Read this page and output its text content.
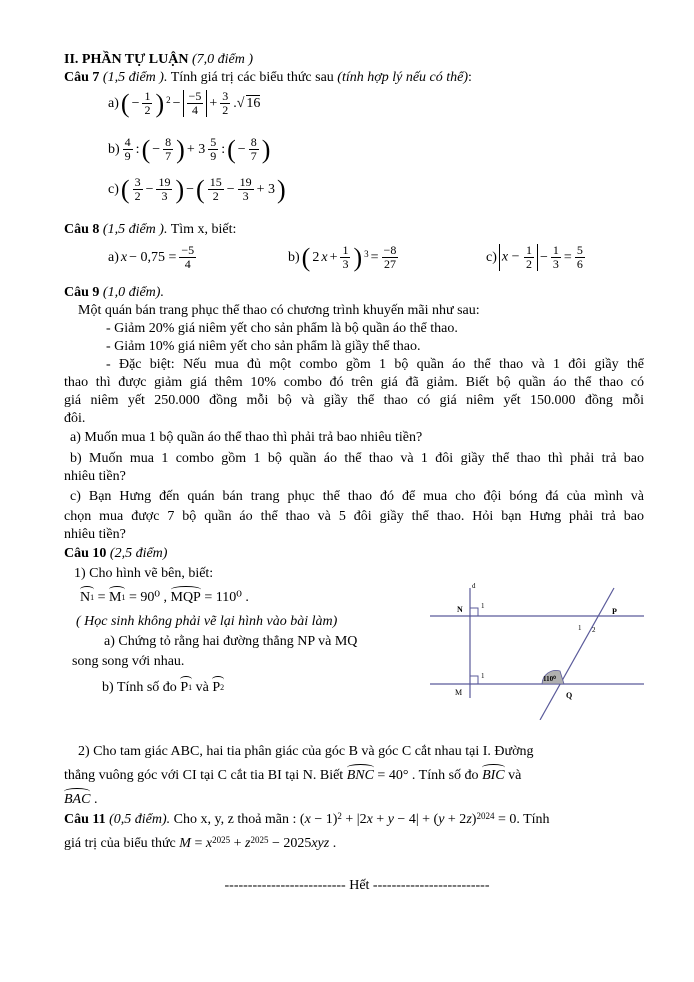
II. PHẦN TỰ LUẬN (7,0 điểm )
Câu 7 (1,5 điểm ). Tính giá trị các biểu thức sau (tính hợp lý nếu có thể):
a) ( − $\frac{1}{2}$ ) $2 - \frac{-5}{4} + \frac{3}{2}$ .√ 16
$b) \frac{4}{9}$ : ( − $\frac{8}{7}$ ) + $3 \frac{5}{9}$ : ( − $\frac{8}{7}$ )
c) ( $\frac{3}{2} - \frac{19}{3}$ ) − ( $\frac{15}{2} - \frac{19}{3} + 3$ )
Câu 8 (1,5 điểm ). Tìm x, biết:
a) $x - 0,75 = \frac{-5}{4}$	b) ( 2 $x + \frac{1}{3}$ ) $3 = \frac{-8}{27}$	c) $x - \frac{1}{2} - \frac{1}{3} = \frac{5}{6}$
Câu 9 (1,0 điểm).
Một quán bán trang phục thể thao có chương trình khuyến mãi như sau:
- Giảm 20% giá niêm yết cho sản phẩm là bộ quần áo thể thao.
- Giảm 10% giá niêm yết cho sản phẩm là giầy thể thao.
- Đặc biệt: Nếu mua đủ một combo gồm 1 bộ quần áo thể thao và 1 đôi giầy thể
thao thì được giảm giá thêm 10% combo đó trên giá đã giảm. Biết bộ quần áo thể thao có
giá niêm yết 250.000 đồng mỗi bộ và giầy thể thao có giá niêm yết 150.000 đồng mỗi
đôi.
a) Muốn mua 1 bộ quần áo thể thao thì phải trả bao nhiêu tiền?
b) Muốn mua 1 combo gồm 1 bộ quần áo thể thao và 1 đôi giầy thể thao thì phải trả bao
nhiêu tiền?
c) Bạn Hưng đến quán bán trang phục thể thao đó để mua cho đội bóng đá của mình và
chọn mua được 7 bộ quần áo thể thao và 5 đôi giầy thể thao. Hỏi bạn Hưng phải trả bao
nhiêu tiền?
Câu 10 (2,5 điểm)
1) Cho hình vẽ bên, biết:
N1 = M1 = 90⁰ , MQP = 110⁰ .
( Học sinh không phải vẽ lại hình vào bài làm)
a) Chứng tỏ rằng hai đường thẳng NP và MQ
song song với nhau.
b) Tính số đo P1 và P2
d
N	1
P
1 2
M
1
Q
110⁰
2) Cho tam giác ABC, hai tia phân giác của góc B và góc C cắt nhau tại I. Đường
thẳng vuông góc với CI tại C cắt tia BI tại N. Biết BNC = 40° . Tính số đo BIC và
BAC .
Câu 11 (0,5 điểm). Cho x, y, z thoả mãn : $(x - 1)^2 + |2x + y - 4| + (y + 2z)^{2024} = 0$. Tính
giá trị của biểu thức $M = x^{2025} + z^{2025} - 2025xyz$ .
-------------------------- Hết -------------------------
